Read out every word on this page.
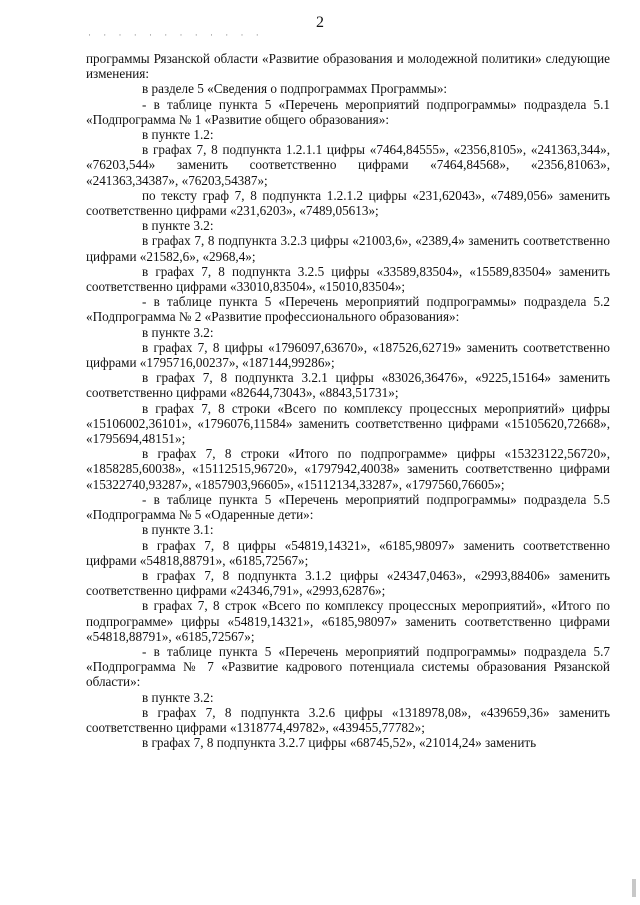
2
· · · · · · · · · · · ·

программы Рязанской области «Развитие образования и молодежной политики» следующие изменения:

в разделе 5 «Сведения о подпрограммах Программы»:

- в таблице пункта 5 «Перечень мероприятий подпрограммы» подраздела 5.1 «Подпрограмма № 1 «Развитие общего образования»:

в пункте 1.2:

в графах 7, 8 подпункта 1.2.1.1 цифры «7464,84555», «2356,8105», «241363,344», «76203,544» заменить соответственно цифрами «7464,84568», «2356,81063», «241363,34387», «76203,54387»;

по тексту граф 7, 8 подпункта 1.2.1.2 цифры «231,62043», «7489,056» заменить соответственно цифрами «231,6203», «7489,05613»;

в пункте 3.2:

в графах 7, 8 подпункта 3.2.3 цифры «21003,6», «2389,4» заменить соответственно цифрами «21582,6», «2968,4»;

в графах 7, 8 подпункта 3.2.5 цифры «33589,83504», «15589,83504» заменить соответственно цифрами «33010,83504», «15010,83504»;

- в таблице пункта 5 «Перечень мероприятий подпрограммы» подраздела 5.2 «Подпрограмма № 2 «Развитие профессионального образования»:

в пункте 3.2:

в графах 7, 8 цифры «1796097,63670», «187526,62719» заменить соответственно цифрами «1795716,00237», «187144,99286»;

в графах 7, 8 подпункта 3.2.1 цифры «83026,36476», «9225,15164» заменить соответственно цифрами «82644,73043», «8843,51731»;

в графах 7, 8 строки «Всего по комплексу процессных мероприятий» цифры «15106002,36101», «1796076,11584» заменить соответственно цифрами «15105620,72668», «1795694,48151»;

в графах 7, 8 строки «Итого по подпрограмме» цифры «15323122,56720», «1858285,60038», «15112515,96720», «1797942,40038» заменить соответственно цифрами «15322740,93287», «1857903,96605», «15112134,33287», «1797560,76605»;

- в таблице пункта 5 «Перечень мероприятий подпрограммы» подраздела 5.5 «Подпрограмма № 5 «Одаренные дети»:

в пункте 3.1:

в графах 7, 8 цифры «54819,14321», «6185,98097» заменить соответственно цифрами «54818,88791», «6185,72567»;

в графах 7, 8 подпункта 3.1.2 цифры «24347,0463», «2993,88406» заменить соответственно цифрами «24346,791», «2993,62876»;

в графах 7, 8 строк «Всего по комплексу процессных мероприятий», «Итого по подпрограмме» цифры «54819,14321», «6185,98097» заменить соответственно цифрами «54818,88791», «6185,72567»;

- в таблице пункта 5 «Перечень мероприятий подпрограммы» подраздела 5.7 «Подпрограмма № 7 «Развитие кадрового потенциала системы образования Рязанской области»:

в пункте 3.2:

в графах 7, 8 подпункта 3.2.6 цифры «1318978,08», «439659,36» заменить соответственно цифрами «1318774,49782», «439455,77782»;

в графах 7, 8 подпункта 3.2.7 цифры «68745,52», «21014,24» заменить
